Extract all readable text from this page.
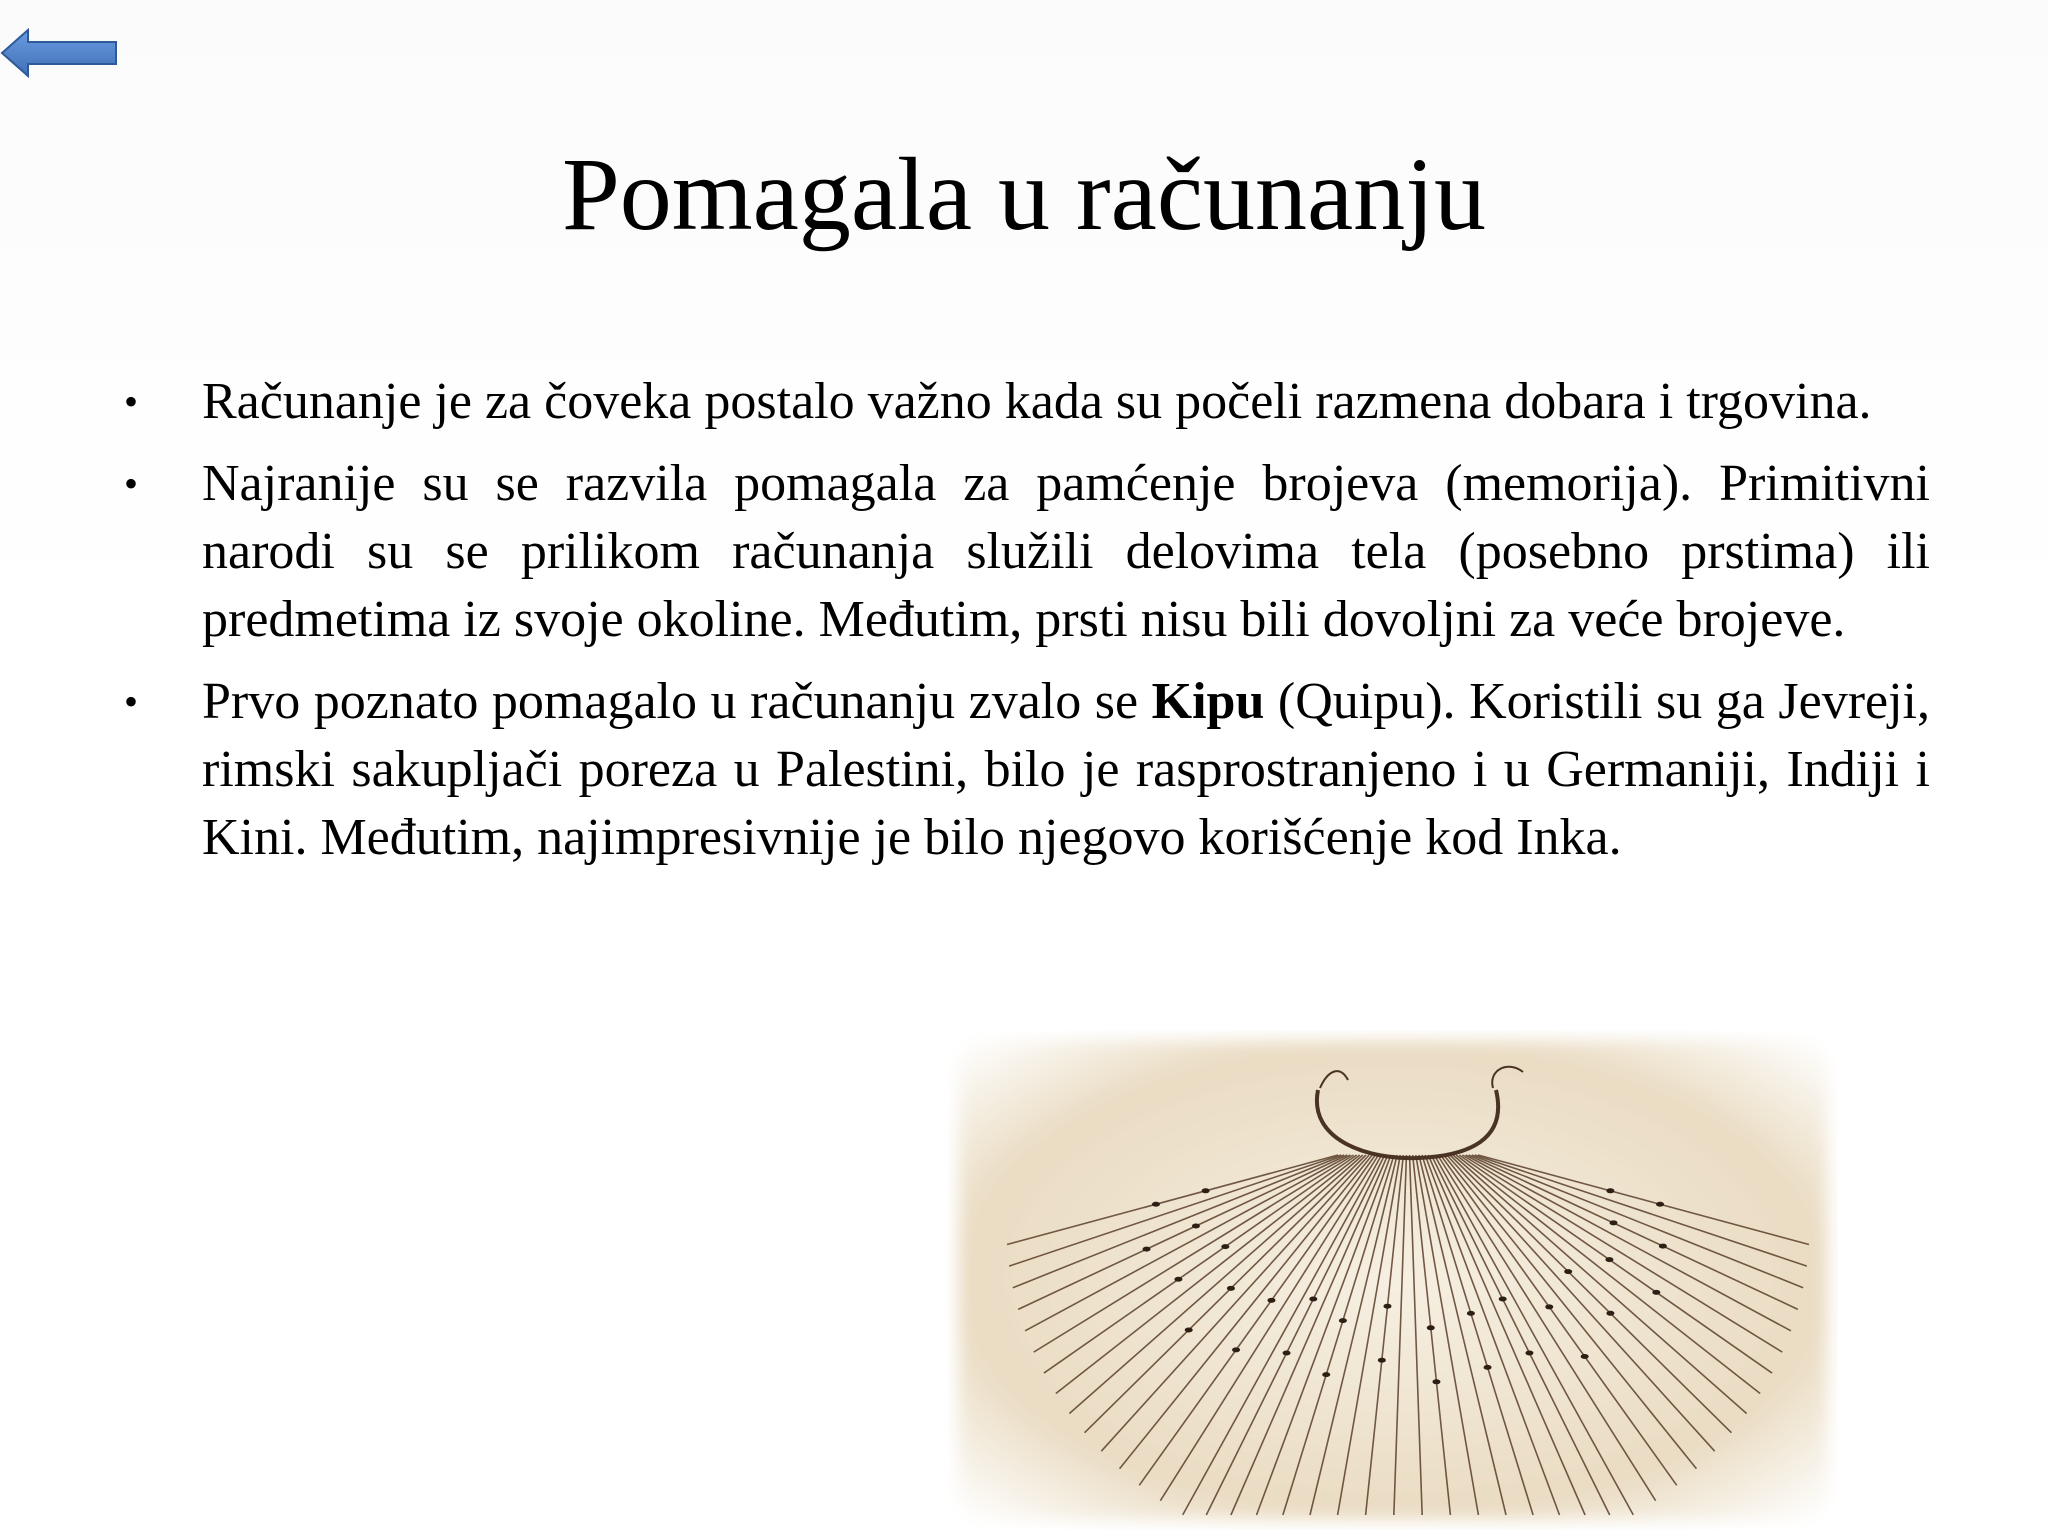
Pomagala u računanju
• Računanje je za čoveka postalo važno kada su počeli razmena dobara i trgovina.
• Najranije su se razvila pomagala za pamćenje brojeva (memorija). Primitivni narodi su se prilikom računanja služili delovima tela (posebno prstima) ili predmetima iz svoje okoline. Međutim, prsti nisu bili dovoljni za veće brojeve.
• Prvo poznato pomagalo u računanju zvalo se Kipu (Quipu). Koristili su ga Jevreji, rimski sakupljači poreza u Palestini, bilo je rasprostranjeno i u Germaniji, Indiji i Kini. Međutim, najimpresivnije je bilo njegovo korišćenje kod Inka.
